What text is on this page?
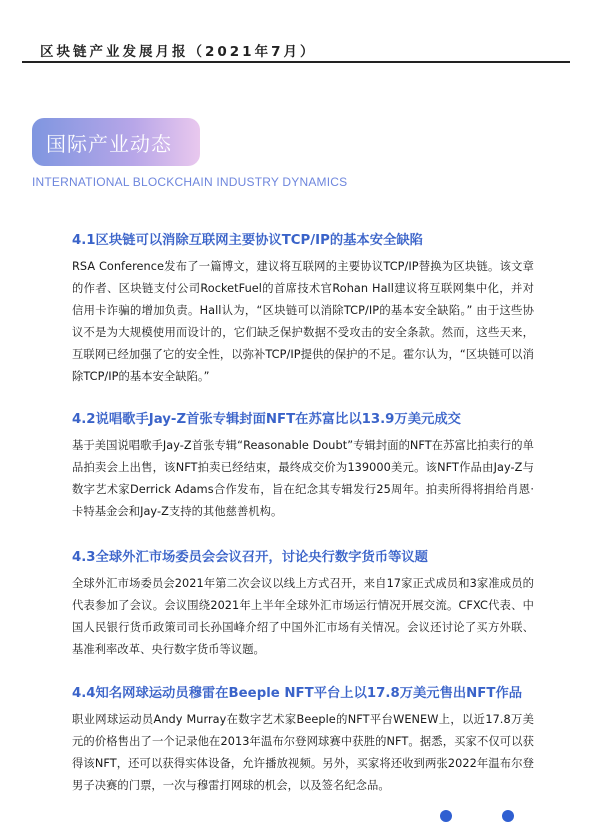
区块链产业发展月报（2021年7月）
国际产业动态
INTERNATIONAL BLOCKCHAIN INDUSTRY DYNAMICS
4.1区块链可以消除互联网主要协议TCP/IP的基本安全缺陷

RSA Conference发布了一篇博文，建议将互联网的主要协议TCP/IP替换为区块链。该文章的作者、区块链支付公司RocketFuel的首席技术官Rohan Hall建议将互联网集中化，并对信用卡诈骗的增加负责。Hall认为，“区块链可以消除TCP/IP的基本安全缺陷。” 由于这些协议不是为大规模使用而设计的，它们缺乏保护数据不受攻击的安全条款。然而，这些天来，互联网已经加强了它的安全性，以弥补TCP/IP提供的保护的不足。霍尔认为，“区块链可以消除TCP/IP的基本安全缺陷。”

4.2说唱歌手Jay-Z首张专辑封面NFT在苏富比以13.9万美元成交

基于美国说唱歌手Jay-Z首张专辑“Reasonable Doubt”专辑封面的NFT在苏富比拍卖行的单品拍卖会上出售，该NFT拍卖已经结束，最终成交价为139000美元。该NFT作品由Jay-Z与数字艺术家Derrick Adams合作发布，旨在纪念其专辑发行25周年。拍卖所得将捐给肖恩·卡特基金会和Jay-Z支持的其他慈善机构。

4.3全球外汇市场委员会会议召开，讨论央行数字货币等议题

全球外汇市场委员会2021年第二次会议以线上方式召开，来自17家正式成员和3家准成员的代表参加了会议。会议围绕2021年上半年全球外汇市场运行情况开展交流。CFXC代表、中国人民银行货币政策司司长孙国峰介绍了中国外汇市场有关情况。会议还讨论了买方外联、基准利率改革、央行数字货币等议题。

4.4知名网球运动员穆雷在Beeple NFT平台上以17.8万美元售出NFT作品

职业网球运动员Andy Murray在数字艺术家Beeple的NFT平台WENEW上，以近17.8万美元的价格售出了一个记录他在2013年温布尔登网球赛中获胜的NFT。据悉，买家不仅可以获得该NFT，还可以获得实体设备，允许播放视频。另外，买家将还收到两张2022年温布尔登男子决赛的门票，一次与穆雷打网球的机会，以及签名纪念品。
